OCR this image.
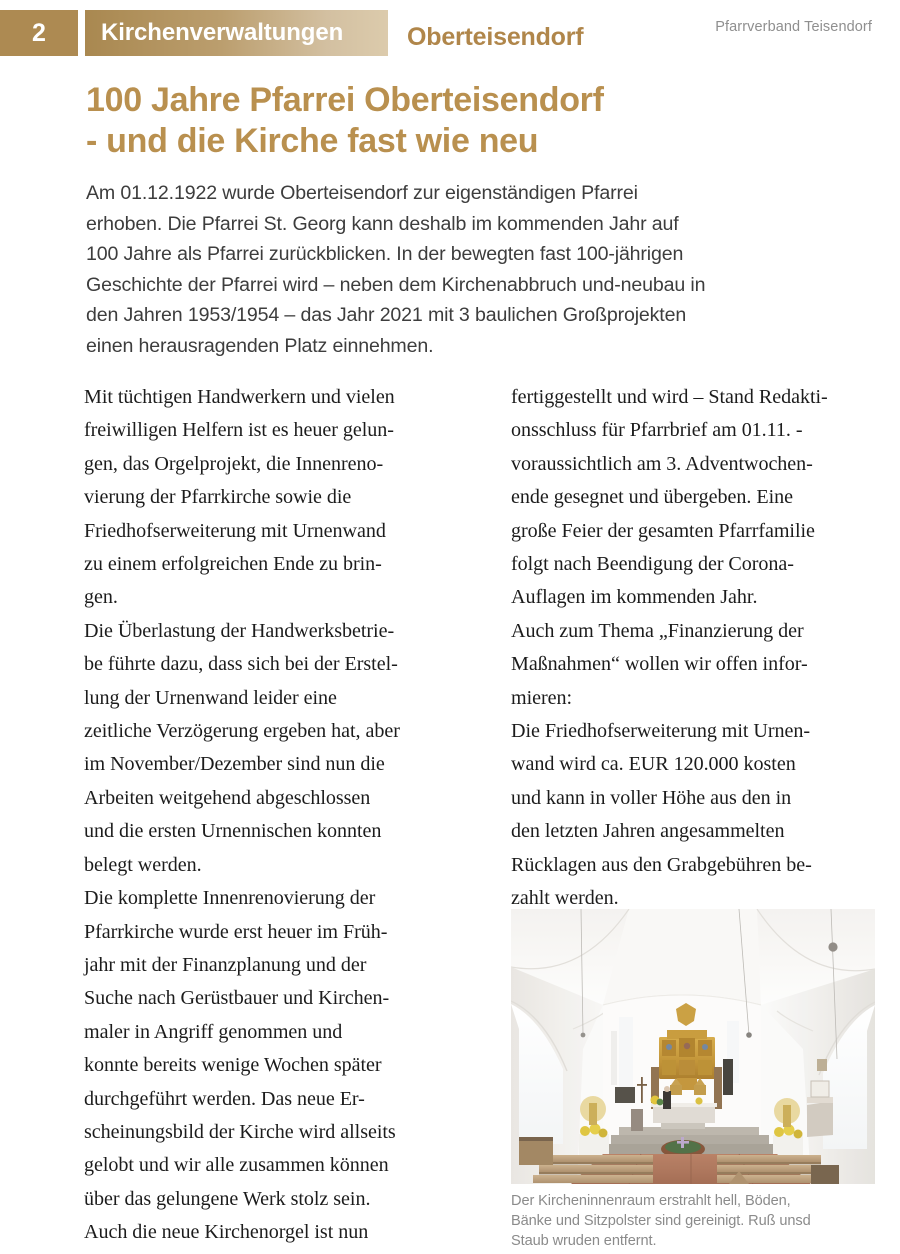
2	Kirchenverwaltungen	Oberteisendorf	Pfarrverband Teisendorf
100 Jahre Pfarrei Oberteisendorf
- und die Kirche fast wie neu
Am 01.12.1922 wurde Oberteisendorf zur eigenständigen Pfarrei
erhoben. Die Pfarrei St. Georg kann deshalb im kommenden Jahr auf
100 Jahre als Pfarrei zurückblicken. In der bewegten fast 100-jährigen
Geschichte der Pfarrei wird – neben dem Kirchenabbruch und-neubau in
den Jahren 1953/1954 – das Jahr 2021 mit 3 baulichen Großprojekten
einen herausragenden Platz einnehmen.

Mit tüchtigen Handwerkern und vielen
freiwilligen Helfern ist es heuer gelun-
gen, das Orgelprojekt, die Innenreno-
vierung der Pfarrkirche sowie die
Friedhofserweiterung mit Urnenwand
zu einem erfolgreichen Ende zu brin-
gen.

Die Überlastung der Handwerksbetrie-
be führte dazu, dass sich bei der Erstel-
lung der Urnenwand leider eine
zeitliche Verzögerung ergeben hat, aber
im November/Dezember sind nun die
Arbeiten weitgehend abgeschlossen
und die ersten Urnennischen konnten
belegt werden.

Die komplette Innenrenovierung der
Pfarrkirche wurde erst heuer im Früh-
jahr mit der Finanzplanung und der
Suche nach Gerüstbauer und Kirchen-
maler in Angriff genommen und
konnte bereits wenige Wochen später
durchgeführt werden. Das neue Er-
scheinungsbild der Kirche wird allseits
gelobt und wir alle zusammen können
über das gelungene Werk stolz sein.

Auch die neue Kirchenorgel ist nun

fertiggestellt und wird – Stand Redakti-
onsschluss für Pfarrbrief am 01.11. -
voraussichtlich am 3. Adventwochen-
ende gesegnet und übergeben. Eine
große Feier der gesamten Pfarrfamilie
folgt nach Beendigung der Corona-
Auflagen im kommenden Jahr.

Auch zum Thema „Finanzierung der
Maßnahmen“ wollen wir offen infor-
mieren:

Die Friedhofserweiterung mit Urnen-
wand wird ca. EUR 120.000 kosten
und kann in voller Höhe aus den in
den letzten Jahren angesammelten
Rücklagen aus den Grabgebühren be-
zahlt werden.

Der Kircheninnenraum erstrahlt hell, Böden,
Bänke und Sitzpolster sind gereinigt. Ruß unsd
Staub wruden entfernt.
